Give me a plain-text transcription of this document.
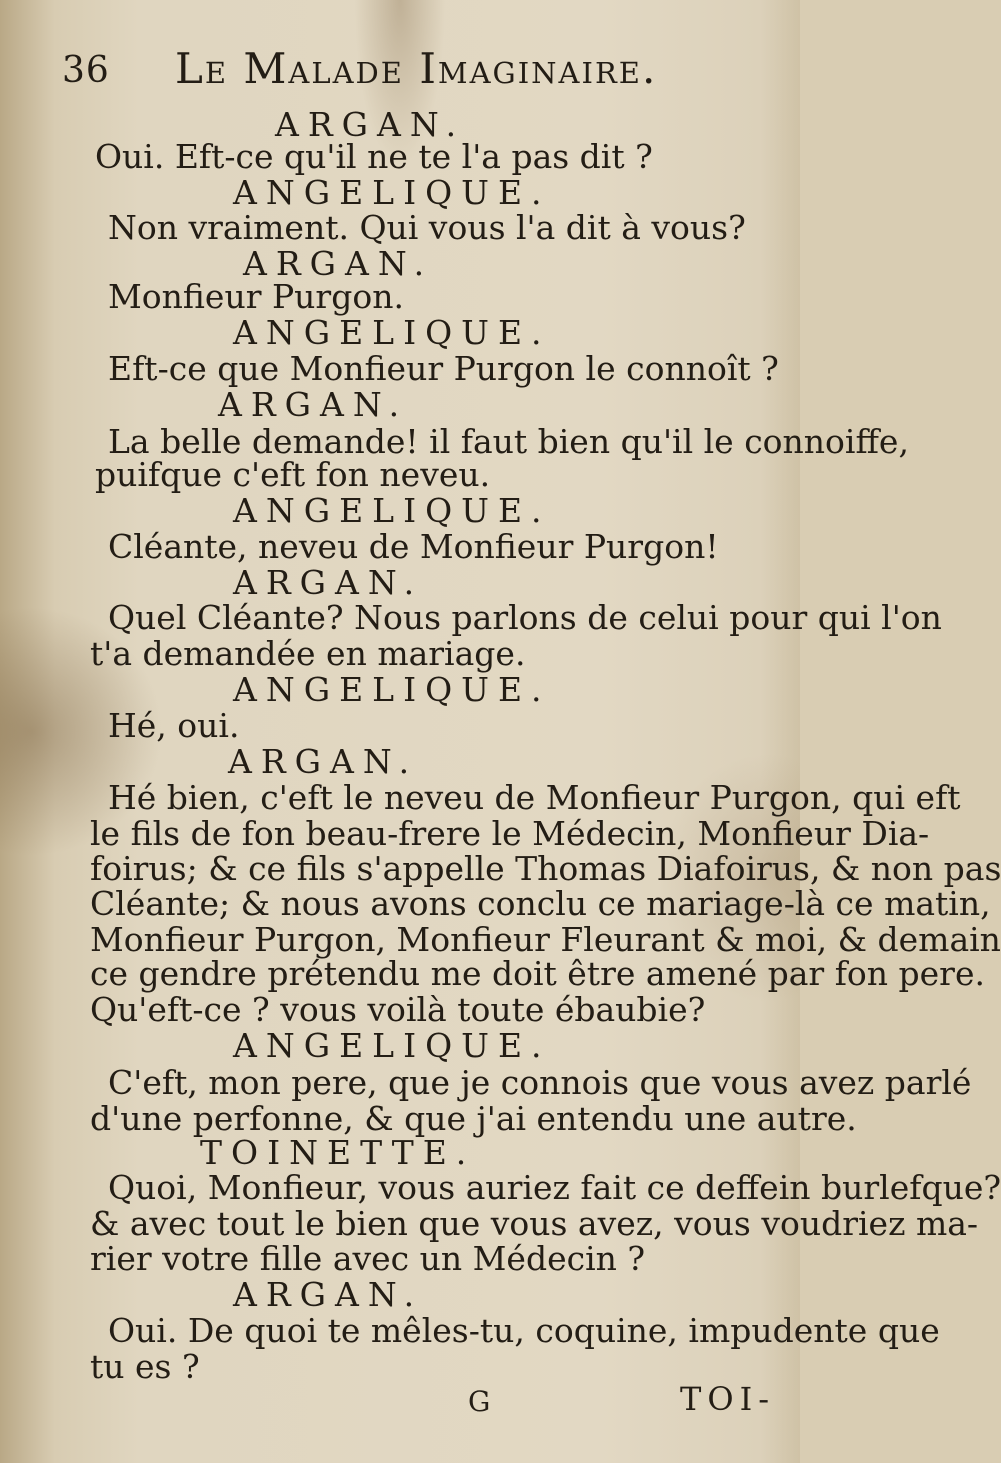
36 Le Malade Imaginaire.
ARGAN.
Oui. Eft-ce qu'il ne te l'a pas dit ?
ANGELIQUE.
Non vraiment. Qui vous l'a dit à vous?
ARGAN.
Monfieur Purgon.
ANGELIQUE.
Eft-ce que Monfieur Purgon le connoît ?
ARGAN.
La belle demande! il faut bien qu'il le connoiffe,
puifque c'eft fon neveu.
ANGELIQUE.
Cléante, neveu de Monfieur Purgon!
ARGAN.
Quel Cléante? Nous parlons de celui pour qui l'on
t'a demandée en mariage.
ANGELIQUE.
Hé, oui.
ARGAN.
Hé bien, c'eft le neveu de Monfieur Purgon, qui eft
le fils de fon beau-frere le Médecin, Monfieur Dia-
foirus; & ce fils s'appelle Thomas Diafoirus, & non pas
Cléante; & nous avons conclu ce mariage-là ce matin,
Monfieur Purgon, Monfieur Fleurant & moi, & demain
ce gendre prétendu me doit être amené par fon pere.
Qu'eft-ce ? vous voilà toute ébaubie?
ANGELIQUE.
C'eft, mon pere, que je connois que vous avez parlé
d'une perfonne, & que j'ai entendu une autre.
TOINETTE.
Quoi, Monfieur, vous auriez fait ce deffein burlefque?
& avec tout le bien que vous avez, vous voudriez ma-
rier votre fille avec un Médecin ?
ARGAN.
Oui. De quoi te mêles-tu, coquine, impudente que
tu es ?
G	TOI-
